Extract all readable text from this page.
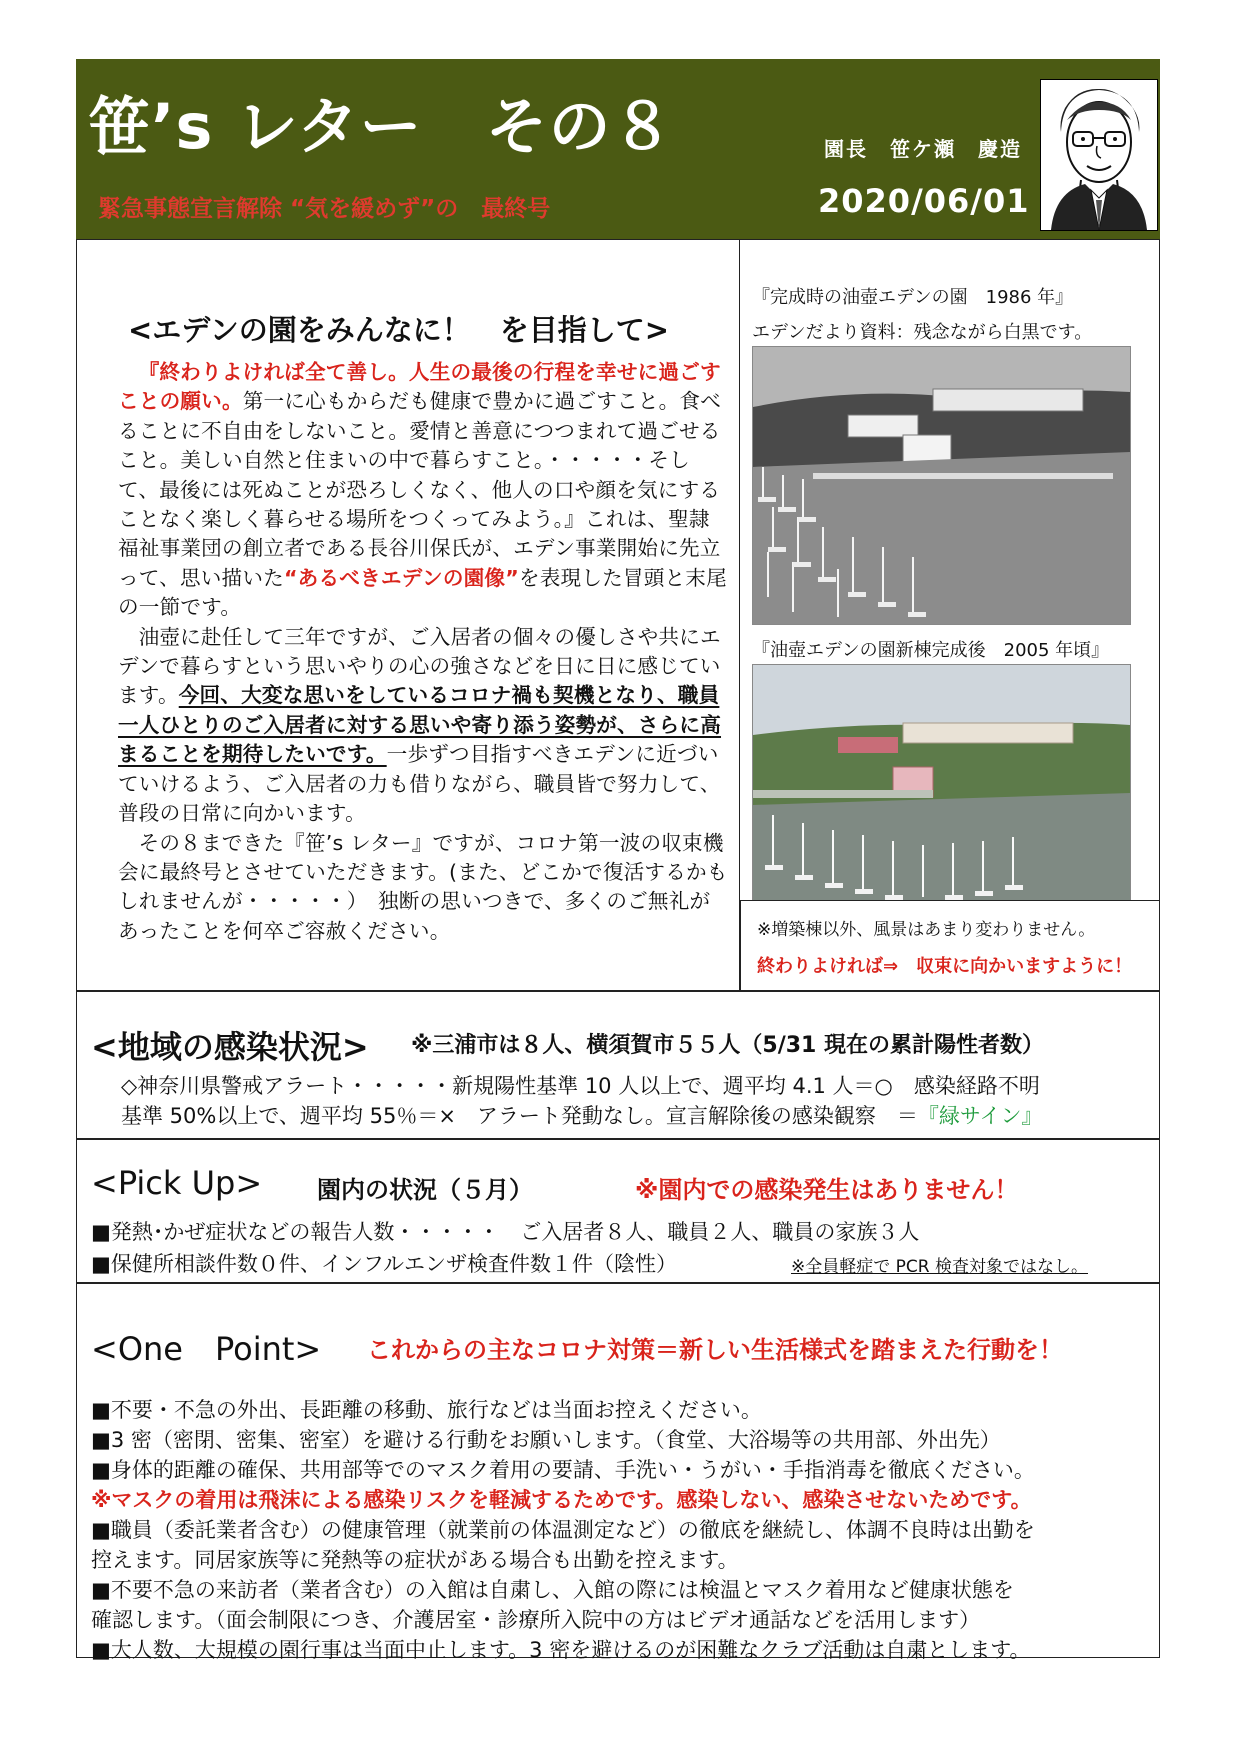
笹’s レター　その８	園長　笹ケ瀬　慶造
緊急事態宣言解除 “気を緩めず”の　最終号	2020/06/01
<エデンの園をみんなに！　を目指して>

『終わりよければ全て善し。人生の最後の行程を幸せに過ごすことの願い。第一に心もからだも健康で豊かに過ごすこと。食べることに不自由をしないこと。愛情と善意につつまれて過ごせること。美しい自然と住まいの中で暮らすこと。・・・・・そして、最後には死ぬことが恐ろしくなく、他人の口や顔を気にすることなく楽しく暮らせる場所をつくってみよう。』これは、聖隷福祉事業団の創立者である長谷川保氏が、エデン事業開始に先立って、思い描いた“あるべきエデンの園像”を表現した冒頭と末尾の一節です。

油壺に赴任して三年ですが、ご入居者の個々の優しさや共にエデンで暮らすという思いやりの心の強さなどを日に日に感じています。今回、大変な思いをしているコロナ禍も契機となり、職員一人ひとりのご入居者に対する思いや寄り添う姿勢が、さらに高まることを期待したいです。一歩ずつ目指すべきエデンに近づいていけるよう、ご入居者の力も借りながら、職員皆で努力して、普段の日常に向かいます。

その８まできた『笹’s レター』ですが、コロナ第一波の収束機会に最終号とさせていただきます。(また、どこかで復活するかもしれませんが・・・・・）　独断の思いつきで、多くのご無礼があったことを何卒ご容赦ください。

『完成時の油壺エデンの園　1986 年』
エデンだより資料：残念ながら白黒です。
『油壺エデンの園新棟完成後　2005 年頃』
※増築棟以外、風景はあまり変わりません。
終わりよければ⇒　収束に向かいますように！
<地域の感染状況> ※三浦市は８人、横須賀市５５人（5/31 現在の累計陽性者数）
◇神奈川県警戒アラート・・・・・新規陽性基準 10 人以上で、週平均 4.1 人＝○　感染経路不明
基準 50%以上で、週平均 55％＝×　アラート発動なし。宣言解除後の感染観察　＝『緑サイン』
<Pick Up> 園内の状況（５月）	※園内での感染発生はありません！
■発熱･かぜ症状などの報告人数・・・・・　ご入居者８人、職員２人、職員の家族３人
■保健所相談件数０件、インフルエンザ検査件数１件（陰性）	※全員軽症で PCR 検査対象ではなし。
<One　Point> これからの主なコロナ対策＝新しい生活様式を踏まえた行動を！
■不要・不急の外出、長距離の移動、旅行などは当面お控えください。
■3 密（密閉、密集、密室）を避ける行動をお願いします。（食堂、大浴場等の共用部、外出先）
■身体的距離の確保、共用部等でのマスク着用の要請、手洗い・うがい・手指消毒を徹底ください。
※マスクの着用は飛沫による感染リスクを軽減するためです。感染しない、感染させないためです。
■職員（委託業者含む）の健康管理（就業前の体温測定など）の徹底を継続し、体調不良時は出勤を
控えます。同居家族等に発熱等の症状がある場合も出勤を控えます。
■不要不急の来訪者（業者含む）の入館は自粛し、入館の際には検温とマスク着用など健康状態を
確認します。（面会制限につき、介護居室・診療所入院中の方はビデオ通話などを活用します）
■大人数、大規模の園行事は当面中止します。3 密を避けるのが困難なクラブ活動は自粛とします。
